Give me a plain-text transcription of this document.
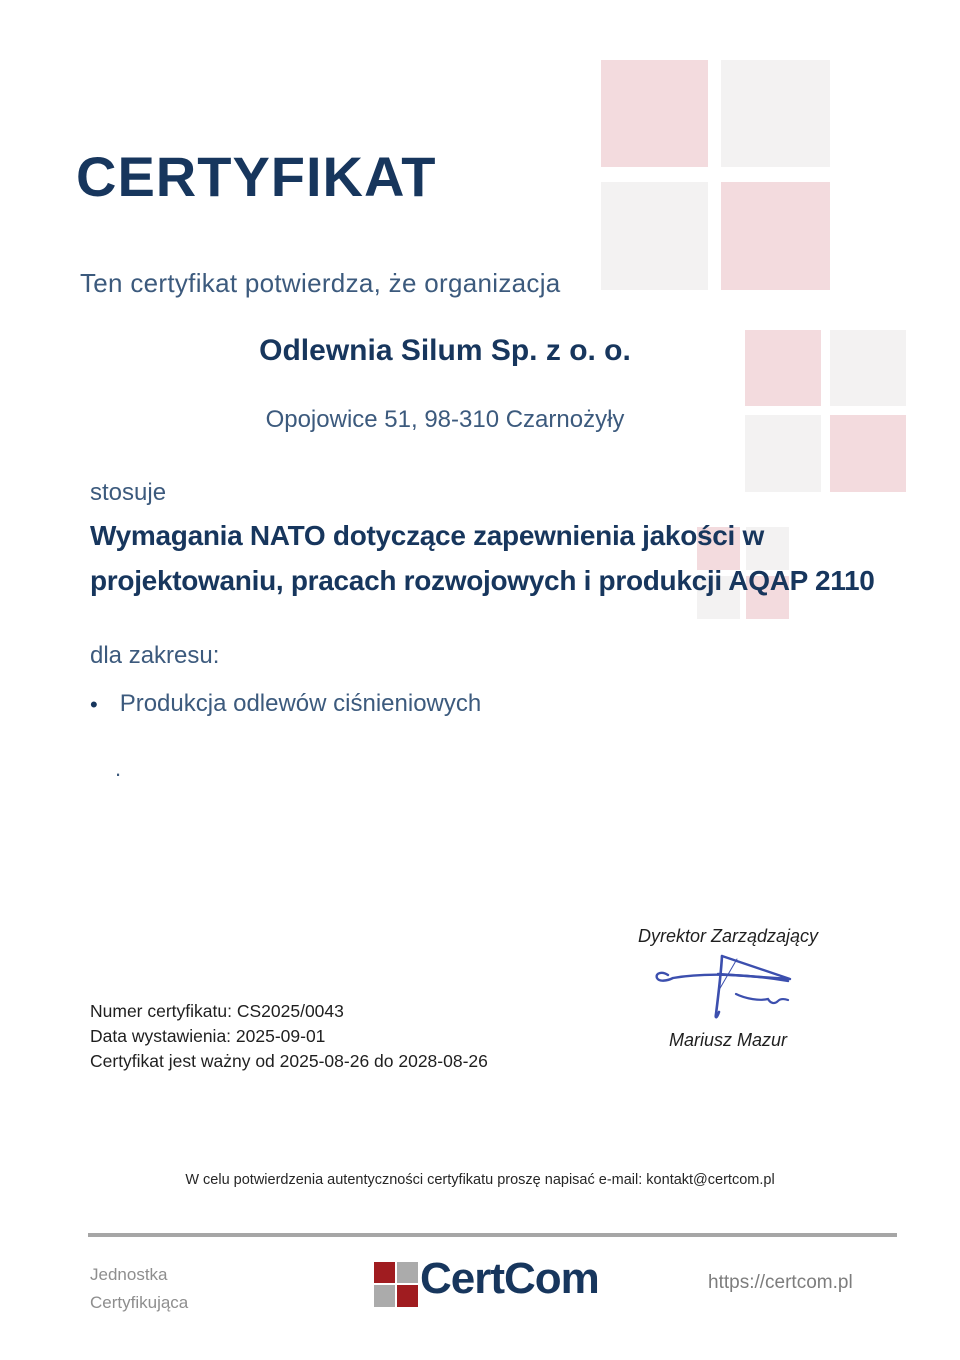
CERTYFIKAT
Ten certyfikat potwierdza, że organizacja
Odlewnia Silum Sp. z o. o.
Opojowice 51, 98-310 Czarnożyły
stosuje
Wymagania NATO dotyczące zapewnienia jakości w
projektowaniu, pracach rozwojowych i produkcji AQAP 2110
dla zakresu:
• Produkcja odlewów ciśnieniowych
.
Dyrektor Zarządzający
Mariusz Mazur
Numer certyfikatu: CS2025/0043
Data wystawienia: 2025-09-01
Certyfikat jest ważny od 2025-08-26 do 2028-08-26
W celu potwierdzenia autentyczności certyfikatu proszę napisać e-mail: kontakt@certcom.pl
Jednostka
Certyfikująca	CertCom	https://certcom.pl
